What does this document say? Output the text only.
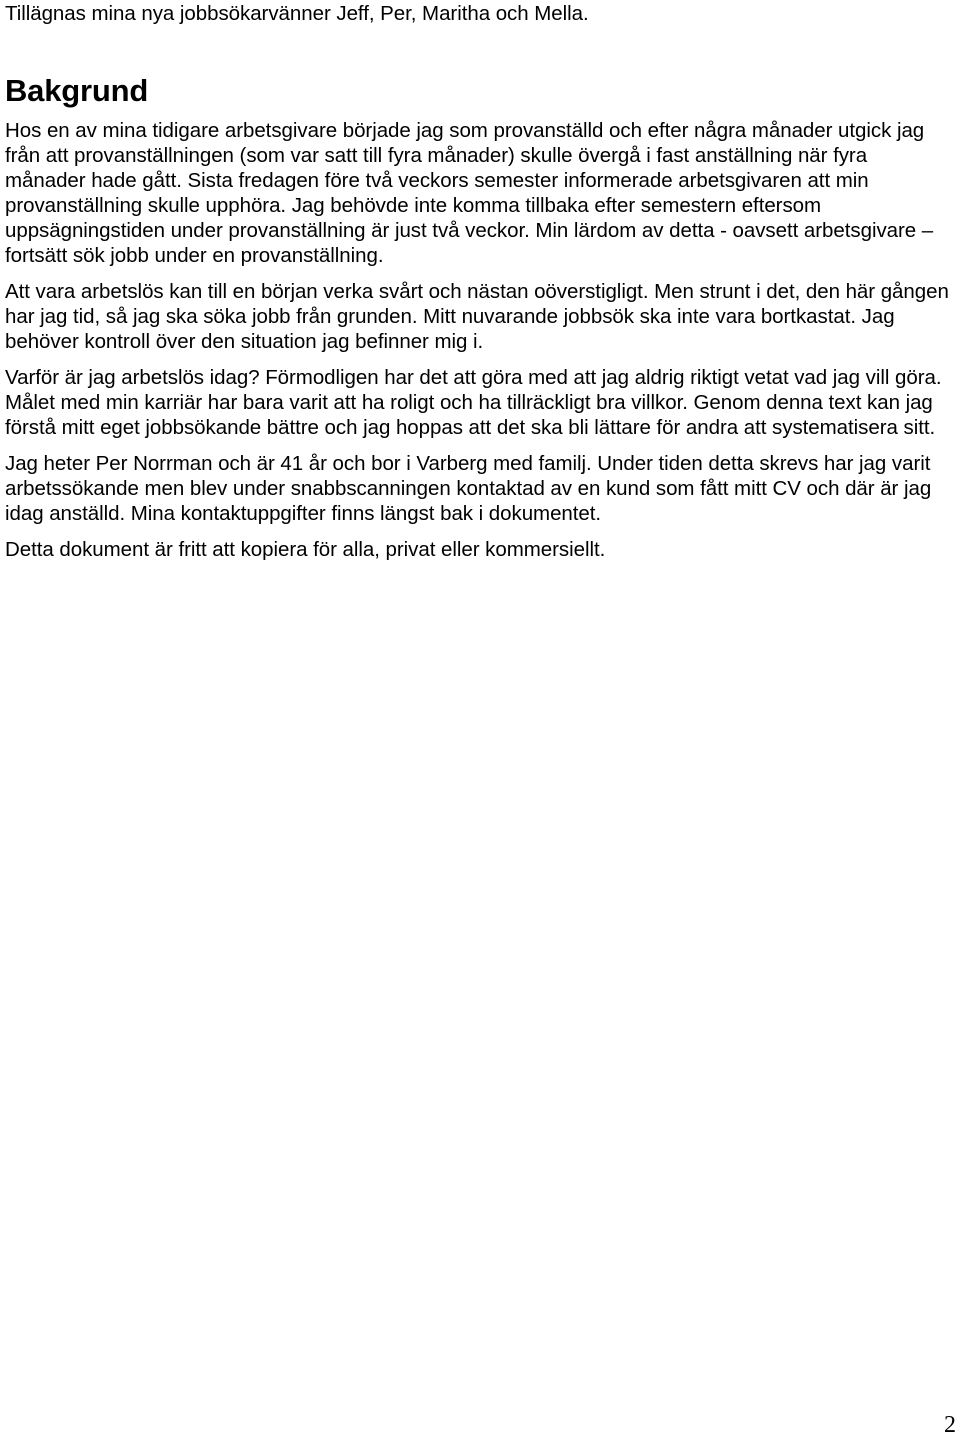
Tillägnas mina nya jobbsökarvänner Jeff, Per, Maritha och Mella.

Bakgrund

Hos en av mina tidigare arbetsgivare började jag som provanställd och efter några månader utgick jag från att provanställningen (som var satt till fyra månader) skulle övergå i fast anställning när fyra månader hade gått. Sista fredagen före två veckors semester informerade arbetsgivaren att min provanställning skulle upphöra. Jag behövde inte komma tillbaka efter semestern eftersom uppsägningstiden under provanställning är just två veckor. Min lärdom av detta - oavsett arbetsgivare – fortsätt sök jobb under en provanställning.

Att vara arbetslös kan till en början verka svårt och nästan oöverstigligt. Men strunt i det, den här gången har jag tid, så jag ska söka jobb från grunden. Mitt nuvarande jobbsök ska inte vara bortkastat. Jag behöver kontroll över den situation jag befinner mig i.

Varför är jag arbetslös idag? Förmodligen har det att göra med att jag aldrig riktigt vetat vad jag vill göra. Målet med min karriär har bara varit att ha roligt och ha tillräckligt bra villkor. Genom denna text kan jag förstå mitt eget jobbsökande bättre och jag hoppas att det ska bli lättare för andra att systematisera sitt.

Jag heter Per Norrman och är 41 år och bor i Varberg med familj. Under tiden detta skrevs har jag varit arbetssökande men blev under snabbscanningen kontaktad av en kund som fått mitt CV och där är jag idag anställd. Mina kontaktuppgifter finns längst bak i dokumentet.

Detta dokument är fritt att kopiera för alla, privat eller kommersiellt.

2
